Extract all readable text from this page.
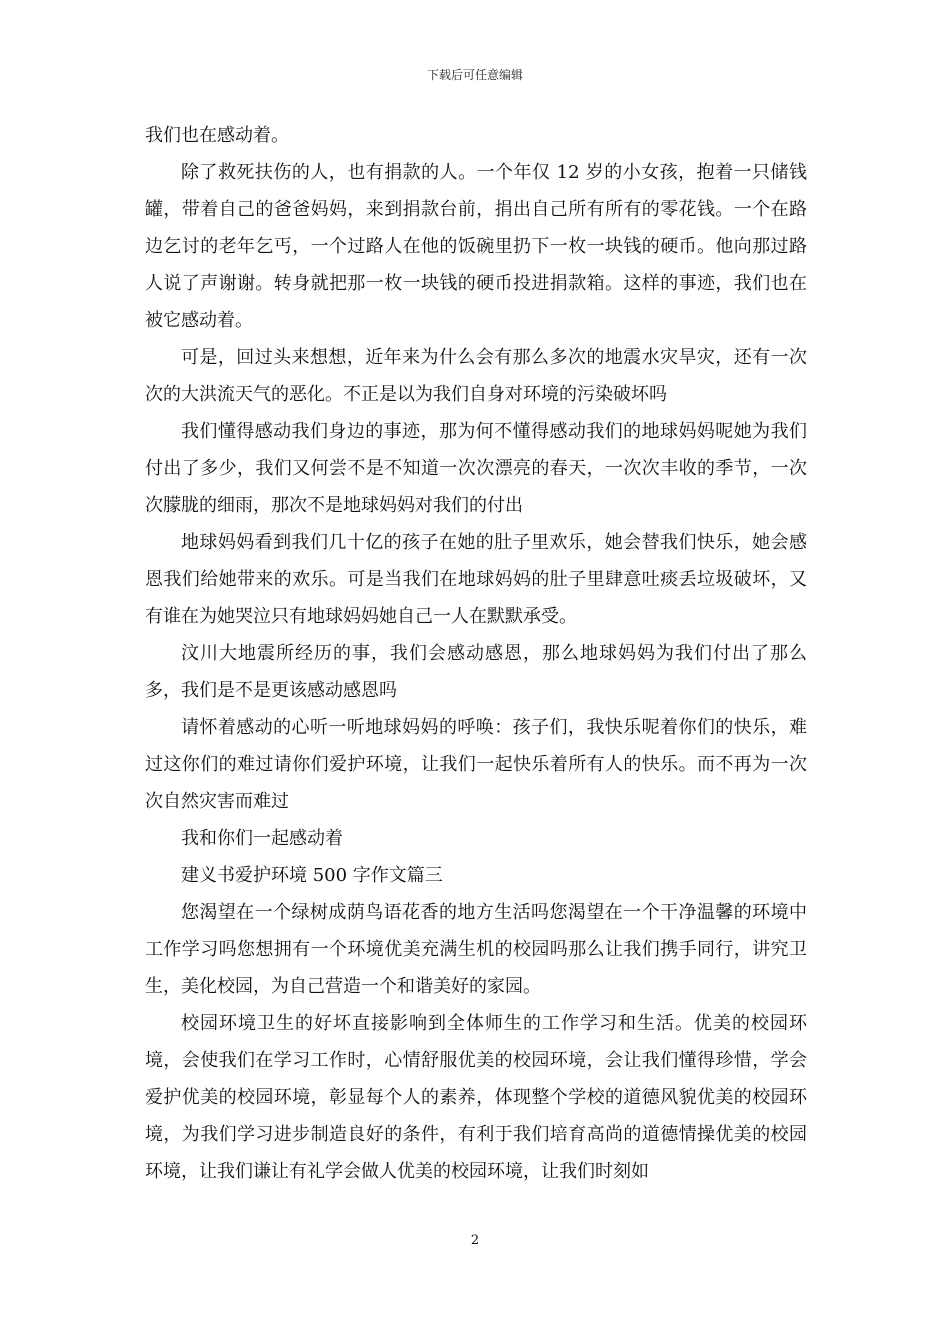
下载后可任意编辑

我们也在感动着。

除了救死扶伤的人，也有捐款的人。一个年仅 12 岁的小女孩，抱着一只储钱罐，带着自己的爸爸妈妈，来到捐款台前，捐出自己所有所有的零花钱。一个在路边乞讨的老年乞丐，一个过路人在他的饭碗里扔下一枚一块钱的硬币。他向那过路人说了声谢谢。转身就把那一枚一块钱的硬币投进捐款箱。这样的事迹，我们也在被它感动着。

可是，回过头来想想，近年来为什么会有那么多次的地震水灾旱灾，还有一次次的大洪流天气的恶化。不正是以为我们自身对环境的污染破坏吗

我们懂得感动我们身边的事迹，那为何不懂得感动我们的地球妈妈呢她为我们付出了多少，我们又何尝不是不知道一次次漂亮的春天，一次次丰收的季节，一次次朦胧的细雨，那次不是地球妈妈对我们的付出

地球妈妈看到我们几十亿的孩子在她的肚子里欢乐，她会替我们快乐，她会感恩我们给她带来的欢乐。可是当我们在地球妈妈的肚子里肆意吐痰丢垃圾破坏，又有谁在为她哭泣只有地球妈妈她自己一人在默默承受。

汶川大地震所经历的事，我们会感动感恩，那么地球妈妈为我们付出了那么多，我们是不是更该感动感恩吗

请怀着感动的心听一听地球妈妈的呼唤：孩子们，我快乐呢着你们的快乐，难过这你们的难过请你们爱护环境，让我们一起快乐着所有人的快乐。而不再为一次次自然灾害而难过

我和你们一起感动着

建义书爱护环境 500 字作文篇三

您渴望在一个绿树成荫鸟语花香的地方生活吗您渴望在一个干净温馨的环境中工作学习吗您想拥有一个环境优美充满生机的校园吗那么让我们携手同行，讲究卫生，美化校园，为自己营造一个和谐美好的家园。

校园环境卫生的好坏直接影响到全体师生的工作学习和生活。优美的校园环境，会使我们在学习工作时，心情舒服优美的校园环境，会让我们懂得珍惜，学会爱护优美的校园环境，彰显每个人的素养，体现整个学校的道德风貌优美的校园环境，为我们学习进步制造良好的条件，有利于我们培育高尚的道德情操优美的校园环境，让我们谦让有礼学会做人优美的校园环境，让我们时刻如

2
